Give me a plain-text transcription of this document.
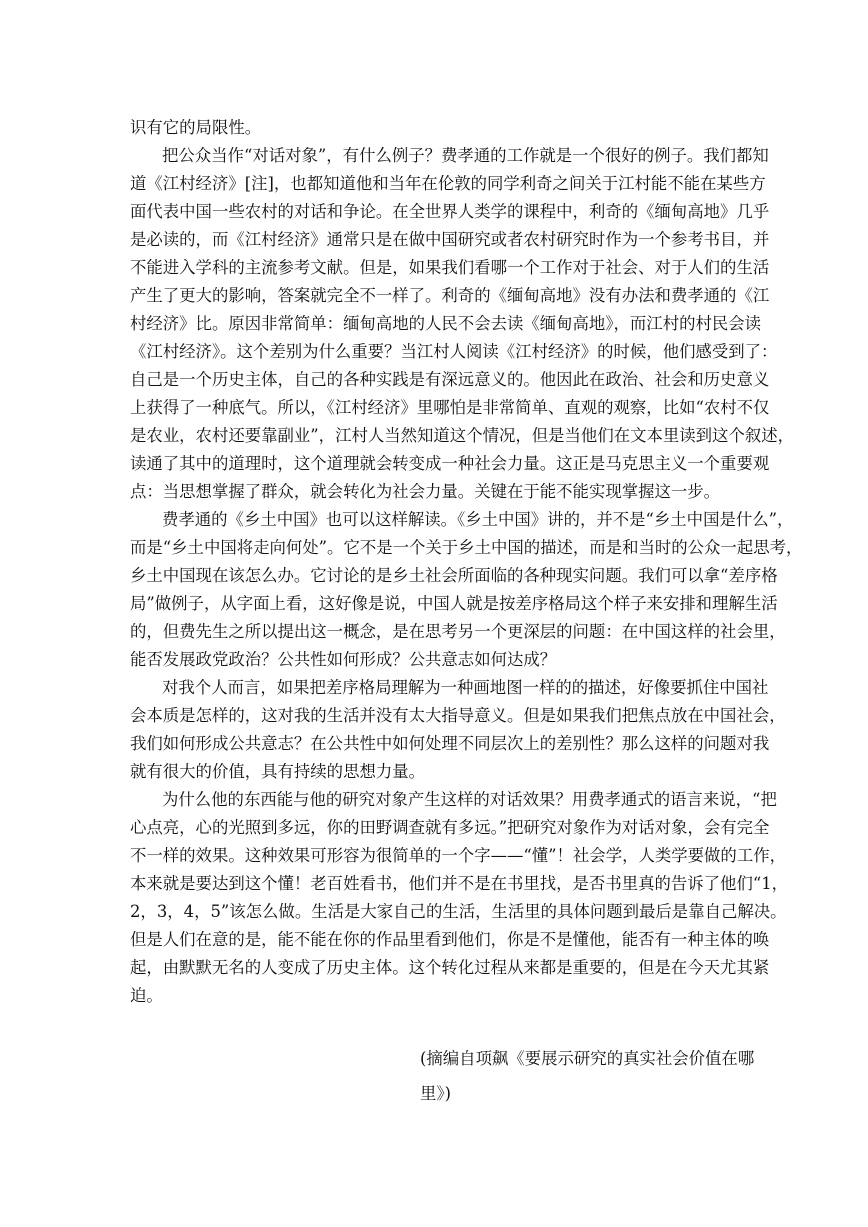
识有它的局限性。
把公众当作“对话对象”，有什么例子？费孝通的工作就是一个很好的例子。我们都知
道《江村经济》[注]，也都知道他和当年在伦敦的同学利奇之间关于江村能不能在某些方
面代表中国一些农村的对话和争论。在全世界人类学的课程中，利奇的《缅甸高地》几乎
是必读的，而《江村经济》通常只是在做中国研究或者农村研究时作为一个参考书目，并
不能进入学科的主流参考文献。但是，如果我们看哪一个工作对于社会、对于人们的生活
产生了更大的影响，答案就完全不一样了。利奇的《缅甸高地》没有办法和费孝通的《江
村经济》比。原因非常简单：缅甸高地的人民不会去读《缅甸高地》，而江村的村民会读
《江村经济》。这个差别为什么重要？当江村人阅读《江村经济》的时候，他们感受到了：
自己是一个历史主体，自己的各种实践是有深远意义的。他因此在政治、社会和历史意义
上获得了一种底气。所以，《江村经济》里哪怕是非常简单、直观的观察，比如“农村不仅
是农业，农村还要靠副业”，江村人当然知道这个情况，但是当他们在文本里读到这个叙述，
读通了其中的道理时，这个道理就会转变成一种社会力量。这正是马克思主义一个重要观
点：当思想掌握了群众，就会转化为社会力量。关键在于能不能实现掌握这一步。
费孝通的《乡土中国》也可以这样解读。《乡土中国》讲的，并不是“乡土中国是什么”，
而是“乡土中国将走向何处”。它不是一个关于乡土中国的描述，而是和当时的公众一起思考，
乡土中国现在该怎么办。它讨论的是乡土社会所面临的各种现实问题。我们可以拿“差序格
局”做例子，从字面上看，这好像是说，中国人就是按差序格局这个样子来安排和理解生活
的，但费先生之所以提出这一概念，是在思考另一个更深层的问题：在中国这样的社会里，
能否发展政党政治？公共性如何形成？公共意志如何达成？
对我个人而言，如果把差序格局理解为一种画地图一样的的描述，好像要抓住中国社
会本质是怎样的，这对我的生活并没有太大指导意义。但是如果我们把焦点放在中国社会，
我们如何形成公共意志？在公共性中如何处理不同层次上的差别性？那么这样的问题对我
就有很大的价值，具有持续的思想力量。
为什么他的东西能与他的研究对象产生这样的对话效果？用费孝通式的语言来说，“把
心点亮，心的光照到多远，你的田野调查就有多远。”把研究对象作为对话对象，会有完全
不一样的效果。这种效果可形容为很简单的一个字——“懂”！社会学，人类学要做的工作，
本来就是要达到这个懂！老百姓看书，他们并不是在书里找，是否书里真的告诉了他们“1，
2，3，4，5”该怎么做。生活是大家自己的生活，生活里的具体问题到最后是靠自己解决。
但是人们在意的是，能不能在你的作品里看到他们，你是不是懂他，能否有一种主体的唤
起，由默默无名的人变成了历史主体。这个转化过程从来都是重要的，但是在今天尤其紧
迫。
(摘编自项飙《要展示研究的真实社会价值在哪
里》)
